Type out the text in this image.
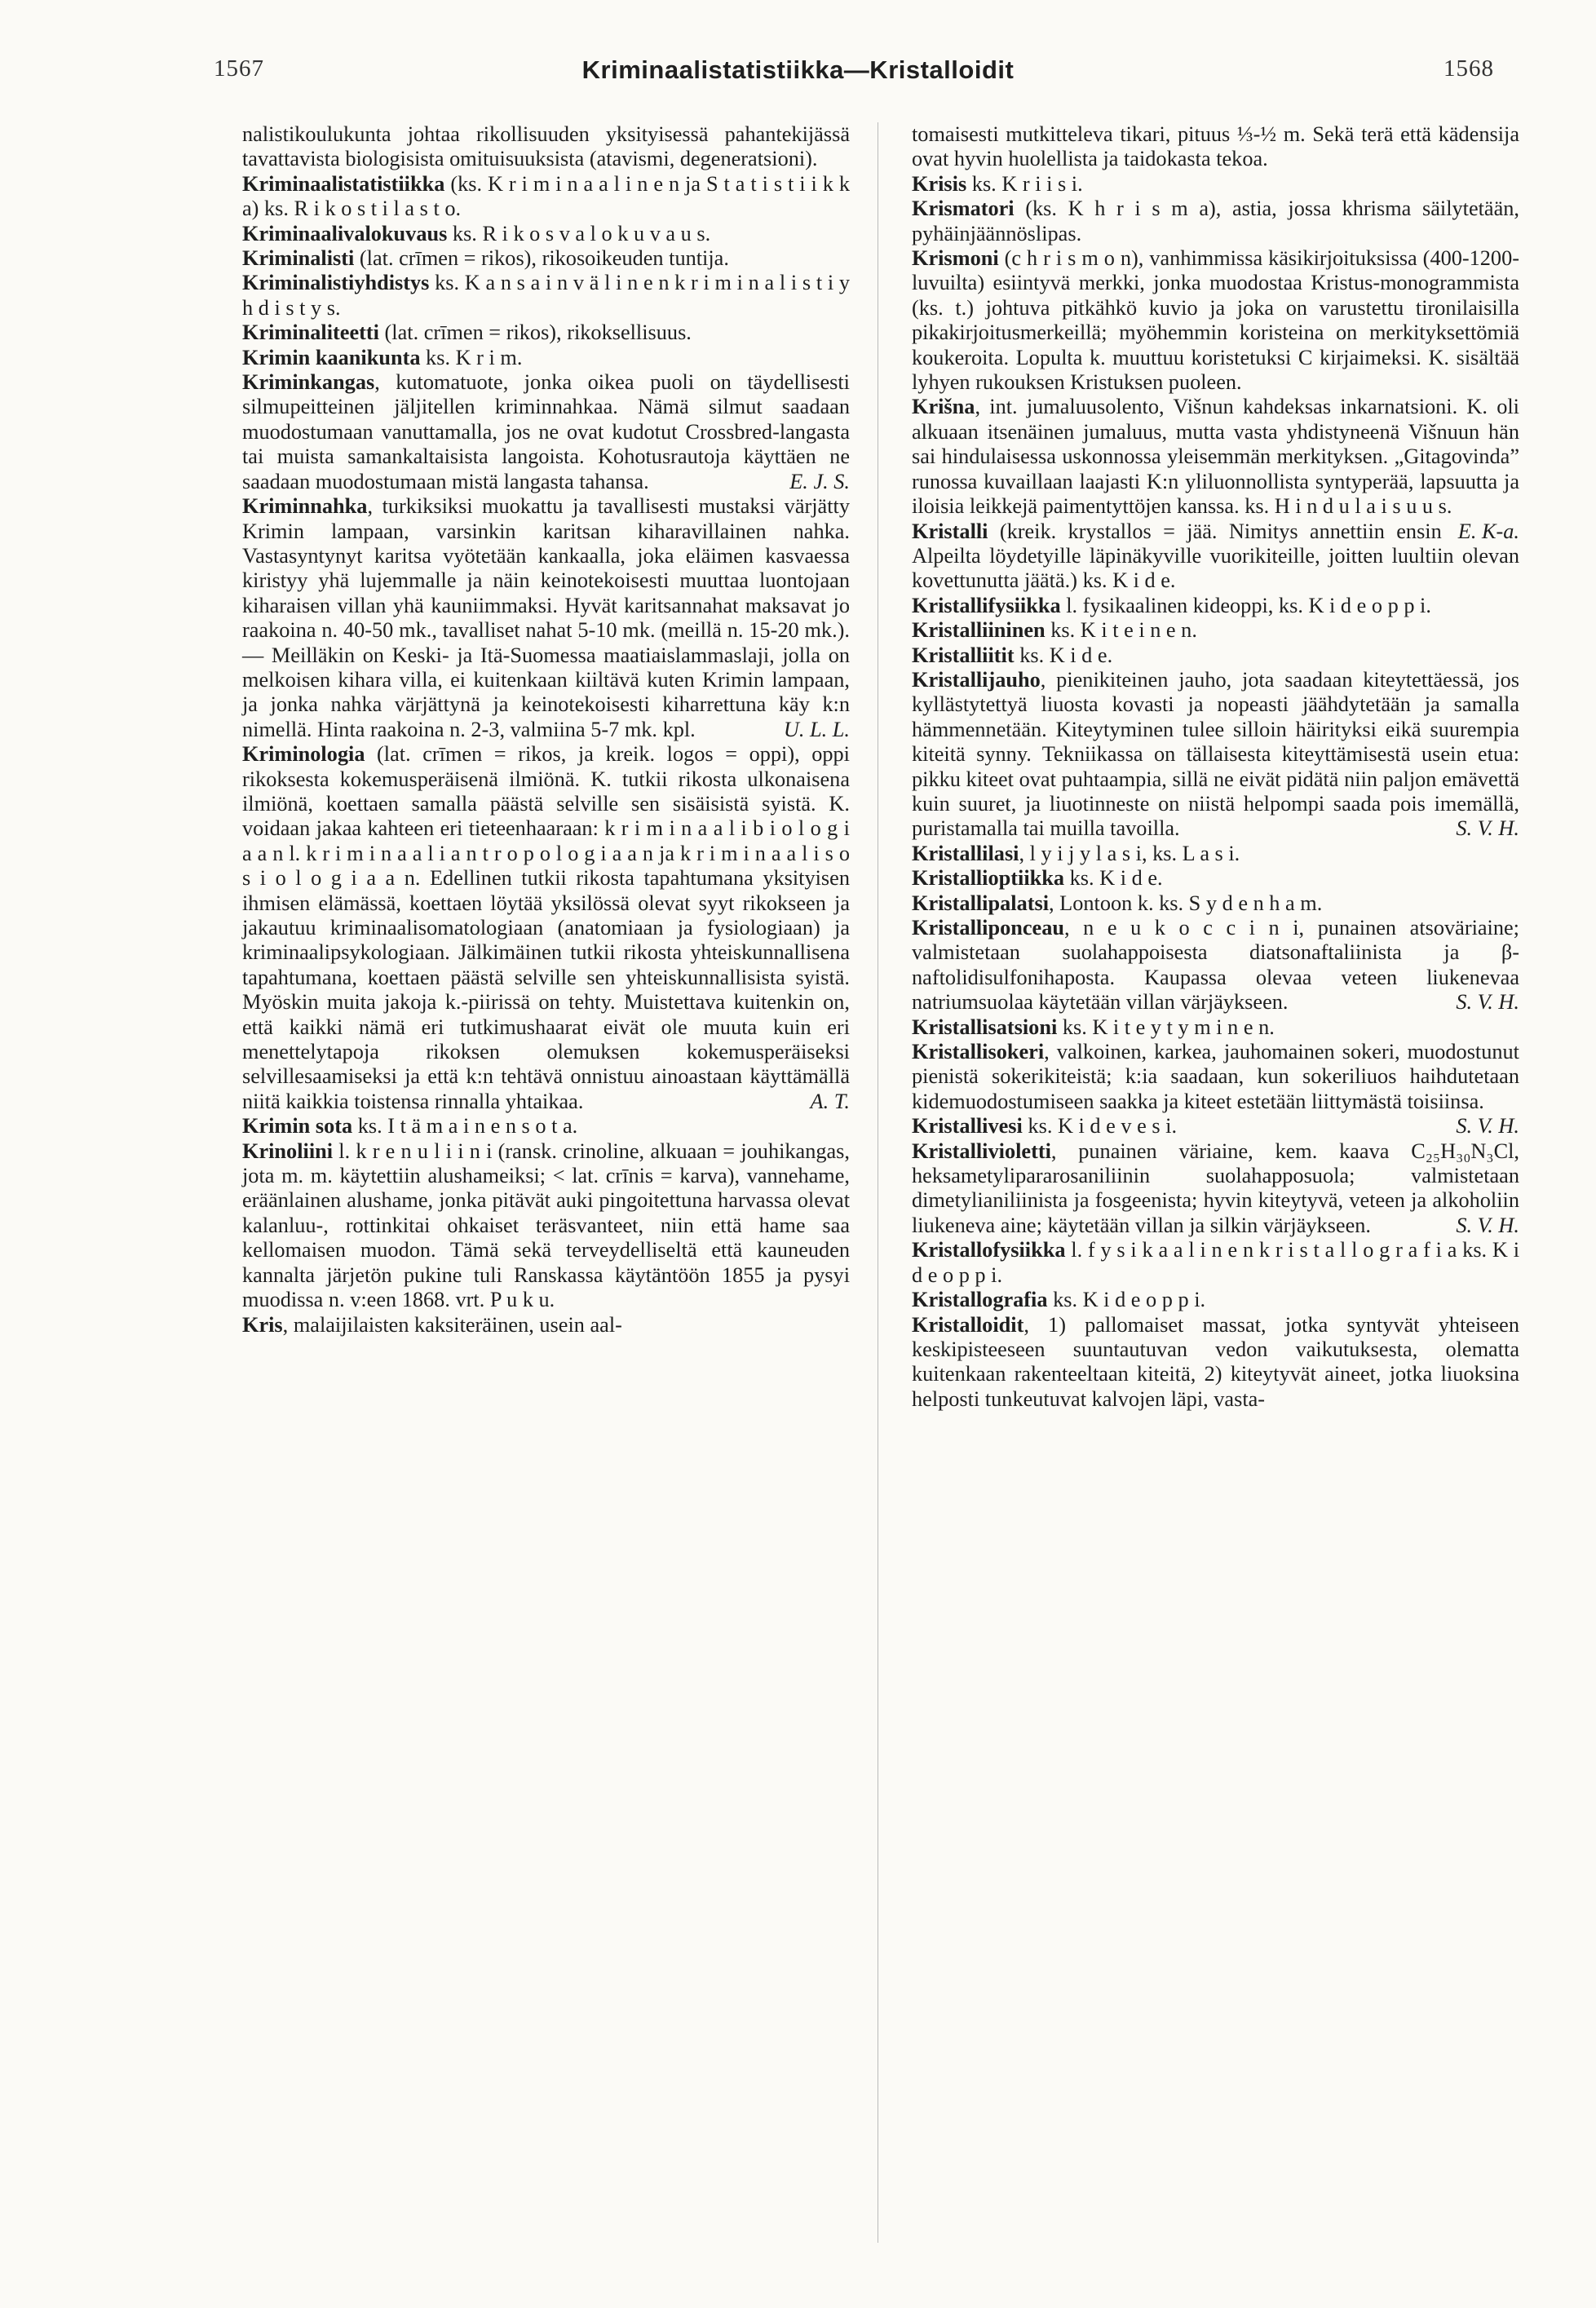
1567	Kriminaalistatistiikka—Kristalloidit	1568

nalistikoulukunta johtaa rikollisuuden yksityisessä pahantekijässä tavattavista biologisista omituisuuksista (atavismi, degeneratsioni).

Kriminaalistatistiikka (ks. K r i m i n a a l i n e n ja S t a t i s t i i k k a) ks. R i k o s t i l a s t o.

Kriminaalivalokuvaus ks. R i k o s v a l o k u v a u s.

Kriminalisti (lat. crīmen = rikos), rikosoikeuden tuntija.

Kriminalistiyhdistys ks. K a n s a i n v ä l i n e n k r i m i n a l i s t i y h d i s t y s.

Kriminaliteetti (lat. crīmen = rikos), rikoksellisuus.

Krimin kaanikunta ks. K r i m.

Kriminkangas, kutomatuote, jonka oikea puoli on täydellisesti silmupeitteinen jäljitellen kriminnahkaa. Nämä silmut saadaan muodostumaan vanuttamalla, jos ne ovat kudotut Crossbred-langasta tai muista samankaltaisista langoista. Kohotusrautoja käyttäen ne saadaan muodostumaan mistä langasta tahansa.	E. J. S.

Kriminnahka, turkiksiksi muokattu ja tavallisesti mustaksi värjätty Krimin lampaan, varsinkin karitsan kiharavillainen nahka. Vastasyntynyt karitsa vyötetään kankaalla, joka eläimen kasvaessa kiristyy yhä lujemmalle ja näin keinotekoisesti muuttaa luontojaan kiharaisen villan yhä kauniimmaksi. Hyvät karitsannahat maksavat jo raakoina n. 40-50 mk., tavalliset nahat 5-10 mk. (meillä n. 15-20 mk.). — Meilläkin on Keski- ja Itä-Suomessa maatiaislammaslaji, jolla on melkoisen kihara villa, ei kuitenkaan kiiltävä kuten Krimin lampaan, ja jonka nahka värjättynä ja keinotekoisesti kiharrettuna käy k:n nimellä. Hinta raakoina n. 2-3, valmiina 5-7 mk. kpl.	U. L. L.

Kriminologia (lat. crīmen = rikos, ja kreik. logos = oppi), oppi rikoksesta kokemusperäisenä ilmiönä. K. tutkii rikosta ulkonaisena ilmiönä, koettaen samalla päästä selville sen sisäisistä syistä. K. voidaan jakaa kahteen eri tieteenhaaraan: k r i m i n a a l i b i o l o g i a a n l. k r i m i n a a l i a n t r o p o l o g i a a n ja k r i m i n a a l i s o s i o l o g i a a n. Edellinen tutkii rikosta tapahtumana yksityisen ihmisen elämässä, koettaen löytää yksilössä olevat syyt rikokseen ja jakautuu kriminaalisomatologiaan (anatomiaan ja fysiologiaan) ja kriminaalipsykologiaan. Jälkimäinen tutkii rikosta yhteiskunnallisena tapahtumana, koettaen päästä selville sen yhteiskunnallisista syistä. Myöskin muita jakoja k.-piirissä on tehty. Muistettava kuitenkin on, että kaikki nämä eri tutkimushaarat eivät ole muuta kuin eri menettelytapoja rikoksen olemuksen kokemusperäiseksi selvillesaamiseksi ja että k:n tehtävä onnistuu ainoastaan käyttämällä niitä kaikkia toistensa rinnalla yhtaikaa.	A. T.

Krimin sota ks. I t ä m a i n e n s o t a.

Krinoliini l. k r e n u l i i n i (ransk. crinoline, alkuaan = jouhikangas, jota m. m. käytettiin alushameiksi; < lat. crīnis = karva), vannehame, eräänlainen alushame, jonka pitävät auki pingoitettuna harvassa olevat kalanluu-, rottinkitai ohkaiset teräsvanteet, niin että hame saa kellomaisen muodon. Tämä sekä terveydelliseltä että kauneuden kannalta järjetön pukine tuli Ranskassa käytäntöön 1855 ja pysyi muodissa n. v:een 1868. vrt. P u k u.

Kris, malaijilaisten kaksiteräinen, usein aal-

tomaisesti mutkitteleva tikari, pituus ⅓-½ m. Sekä terä että kädensija ovat hyvin huolellista ja taidokasta tekoa.

Krisis ks. K r i i s i.

Krismatori (ks. K h r i s m a), astia, jossa khrisma säilytetään, pyhäinjäännöslipas.

Krismoni (c h r i s m o n), vanhimmissa käsikirjoituksissa (400-1200-luvuilta) esiintyvä merkki, jonka muodostaa Kristus-monogrammista (ks. t.) johtuva pitkähkö kuvio ja joka on varustettu tironilaisilla pikakirjoitusmerkeillä; myöhemmin koristeina on merkityksettömiä koukeroita. Lopulta k. muuttuu koristetuksi C kirjaimeksi. K. sisältää lyhyen rukouksen Kristuksen puoleen.

Krišna, int. jumaluusolento, Višnun kahdeksas inkarnatsioni. K. oli alkuaan itsenäinen jumaluus, mutta vasta yhdistyneenä Višnuun hän sai hindulaisessa uskonnossa yleisemmän merkityksen. „Gitagovinda” runossa kuvaillaan laajasti K:n yliluonnollista syntyperää, lapsuutta ja iloisia leikkejä paimentyttöjen kanssa. ks. H i n d u l a i s u u s.
E. K-a.

Kristalli (kreik. krystallos = jää. Nimitys annettiin ensin Alpeilta löydetyille läpinäkyville vuorikiteille, joitten luultiin olevan kovettunutta jäätä.) ks. K i d e.

Kristallifysiikka l. fysikaalinen kideoppi, ks. K i d e o p p i.

Kristalliininen ks. K i t e i n e n.

Kristalliitit ks. K i d e.

Kristallijauho, pienikiteinen jauho, jota saadaan kiteytettäessä, jos kyllästytettyä liuosta kovasti ja nopeasti jäähdytetään ja samalla hämmennetään. Kiteytyminen tulee silloin häirityksi eikä suurempia kiteitä synny. Tekniikassa on tällaisesta kiteyttämisestä usein etua: pikku kiteet ovat puhtaampia, sillä ne eivät pidätä niin paljon emävettä kuin suuret, ja liuotinneste on niistä helpompi saada pois imemällä, puristamalla tai muilla tavoilla.	S. V. H.

Kristallilasi, l y i j y l a s i, ks. L a s i.

Kristallioptiikka ks. K i d e.

Kristallipalatsi, Lontoon k. ks. S y d e n h a m.

Kristalliponceau, n e u k o c c i n i, punainen atsoväriaine; valmistetaan suolahappoisesta diatsonaftaliinista ja β-naftolidisulfonihaposta. Kaupassa olevaa veteen liukenevaa natriumsuolaa käytetään villan värjäykseen.	S. V. H.

Kristallisatsioni ks. K i t e y t y m i n e n.

Kristallisokeri, valkoinen, karkea, jauhomainen sokeri, muodostunut pienistä sokerikiteistä; k:ia saadaan, kun sokeriliuos haihdutetaan kidemuodostumiseen saakka ja kiteet estetään liittymästä toisiinsa.
S. V. H.

Kristallivesi ks. K i d e v e s i.

Kristallivioletti, punainen väriaine, kem. kaava C₂₅H₃₀N₃Cl, heksametylipararosaniliinin suolahapposuola; valmistetaan dimetylianiliinista ja fosgeenista; hyvin kiteytyvä, veteen ja alkoholiin liukeneva aine; käytetään villan ja silkin värjäykseen.	S. V. H.

Kristallofysiikka l. f y s i k a a l i n e n k r i s t a l l o g r a f i a ks. K i d e o p p i.

Kristallografia ks. K i d e o p p i.

Kristalloidit, 1) pallomaiset massat, jotka syntyvät yhteiseen keskipisteeseen suuntautuvan vedon vaikutuksesta, olematta kuitenkaan rakenteeltaan kiteitä, 2) kiteytyvät aineet, jotka liuoksina helposti tunkeutuvat kalvojen läpi, vasta-
